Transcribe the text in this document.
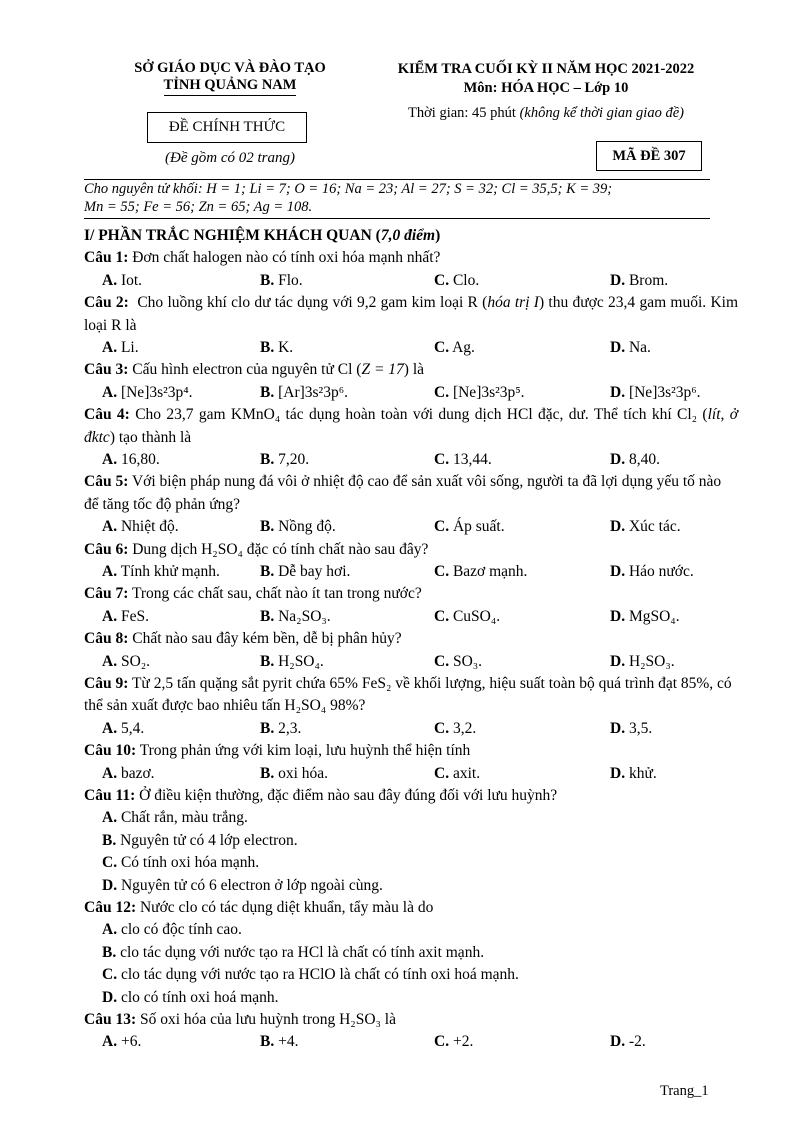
SỞ GIÁO DỤC VÀ ĐÀO TẠO
TỈNH QUẢNG NAM
ĐỀ CHÍNH THỨC
(Đề gồm có 02 trang)
KIỂM TRA CUỐI KỲ II NĂM HỌC 2021-2022
Môn: HÓA HỌC – Lớp 10
Thời gian: 45 phút (không kể thời gian giao đề)
MÃ ĐỀ 307
Cho nguyên tử khối: H = 1; Li = 7; O = 16; Na = 23; Al = 27; S = 32; Cl = 35,5; K = 39;
Mn = 55; Fe = 56; Zn = 65; Ag = 108.
I/ PHẦN TRẮC NGHIỆM KHÁCH QUAN (7,0 điểm)
Câu 1: Đơn chất halogen nào có tính oxi hóa mạnh nhất?
A. Iot.	B. Flo.	C. Clo.	D. Brom.
Câu 2: Cho luồng khí clo dư tác dụng với 9,2 gam kim loại R (hóa trị I) thu được 23,4 gam muối. Kim loại R là
A. Li.	B. K.	C. Ag.	D. Na.
Câu 3: Cấu hình electron của nguyên tử Cl (Z = 17) là
A. [Ne]3s²3p⁴.	B. [Ar]3s²3p⁶.	C. [Ne]3s²3p⁵.	D. [Ne]3s²3p⁶.
Câu 4: Cho 23,7 gam KMnO₄ tác dụng hoàn toàn với dung dịch HCl đặc, dư. Thể tích khí Cl₂ (lít, ở đktc) tạo thành là
A. 16,80.	B. 7,20.	C. 13,44.	D. 8,40.
Câu 5: Với biện pháp nung đá vôi ở nhiệt độ cao để sản xuất vôi sống, người ta đã lợi dụng yếu tố nào để tăng tốc độ phản ứng?
A. Nhiệt độ.	B. Nồng độ.	C. Áp suất.	D. Xúc tác.
Câu 6: Dung dịch H₂SO₄ đặc có tính chất nào sau đây?
A. Tính khử mạnh.	B. Dễ bay hơi.	C. Bazơ mạnh.	D. Háo nước.
Câu 7: Trong các chất sau, chất nào ít tan trong nước?
A. FeS.	B. Na₂SO₃.	C. CuSO₄.	D. MgSO₄.
Câu 8: Chất nào sau đây kém bền, dễ bị phân hủy?
A. SO₂.	B. H₂SO₄.	C. SO₃.	D. H₂SO₃.
Câu 9: Từ 2,5 tấn quặng sắt pyrit chứa 65% FeS₂ về khối lượng, hiệu suất toàn bộ quá trình đạt 85%, có thể sản xuất được bao nhiêu tấn H₂SO₄ 98%?
A. 5,4.	B. 2,3.	C. 3,2.	D. 3,5.
Câu 10: Trong phản ứng với kim loại, lưu huỳnh thể hiện tính
A. bazơ.	B. oxi hóa.	C. axit.	D. khử.
Câu 11: Ở điều kiện thường, đặc điểm nào sau đây đúng đối với lưu huỳnh?
A. Chất rắn, màu trắng.
B. Nguyên tử có 4 lớp electron.
C. Có tính oxi hóa mạnh.
D. Nguyên tử có 6 electron ở lớp ngoài cùng.
Câu 12: Nước clo có tác dụng diệt khuẩn, tẩy màu là do
A. clo có độc tính cao.
B. clo tác dụng với nước tạo ra HCl là chất có tính axit mạnh.
C. clo tác dụng với nước tạo ra HClO là chất có tính oxi hoá mạnh.
D. clo có tính oxi hoá mạnh.
Câu 13: Số oxi hóa của lưu huỳnh trong H₂SO₃ là
A. +6.	B. +4.	C. +2.	D. -2.
Trang_1
